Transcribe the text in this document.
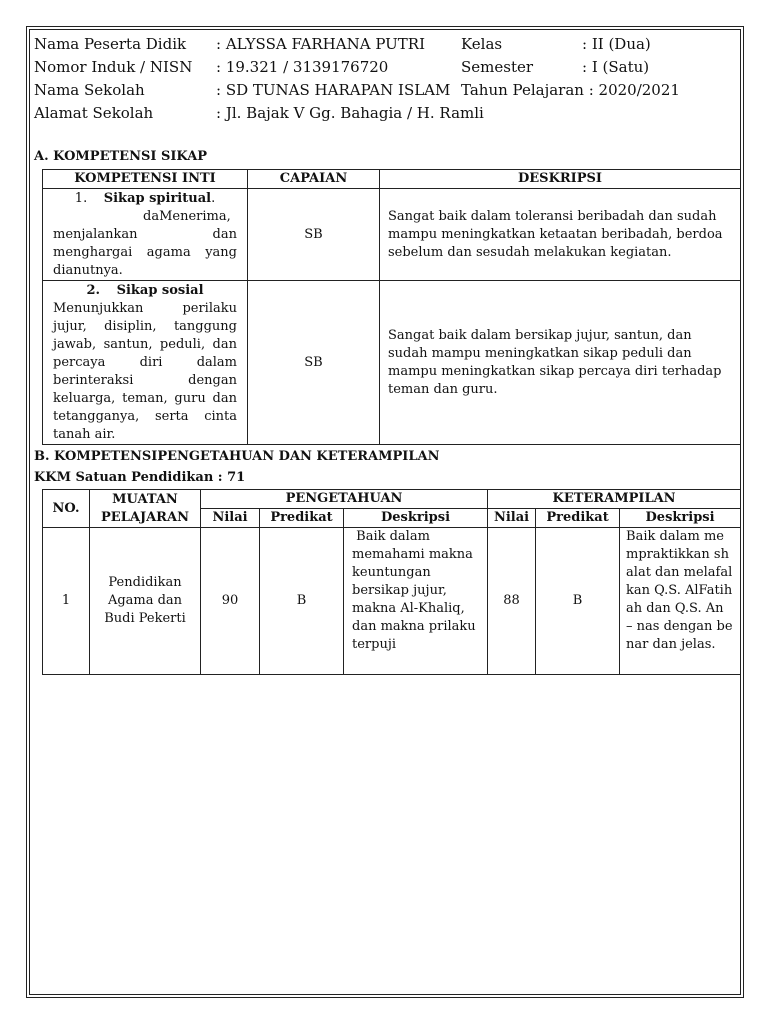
Nama Peserta Didik : ALYSSA FARHANA PUTRI Kelas	: II (Dua)
Nomor Induk / NISN : 19.321 / 3139176720	Semester	: I (Satu)
Nama Sekolah	: SD TUNAS HARAPAN ISLAM Tahun Pelajaran : 2020/2021
Alamat Sekolah	: Jl. Bajak V Gg. Bahagia / H. Ramli
A. KOMPETENSI SIKAP
KOMPETENSI INTI	CAPAIAN	DESKRIPSI

1. Sikap spiritual.
daMenerima,
menjalankan dan
menghargai agama yang
dianutnya.	SB	Sangat baik dalam toleransi beribadah dan sudah mampu meningkatkan ketaatan beribadah, berdoa sebelum dan sesudah melakukan kegiatan.

2. Sikap sosial
Menunjukkan perilaku jujur, disiplin, tanggung jawab, santun, peduli, dan percaya diri dalam berinteraksi dengan keluarga, teman, guru dan tetangganya, serta cinta tanah air.	SB	Sangat baik dalam bersikap jujur, santun, dan sudah mampu meningkatkan sikap peduli dan mampu meningkatkan sikap percaya diri terhadap teman dan guru.
B. KOMPETENSIPENGETAHUAN DAN KETERAMPILAN
KKM Satuan Pendidikan : 71
NO.	MUATAN PELAJARAN	PENGETAHUAN			KETERAMPILAN		
		Nilai	Predikat	Deskripsi	Nilai	Predikat	Deskripsi
1	Pendidikan Agama dan Budi Pekerti	90	B	Baik dalam memahami makna keuntungan bersikap jujur, makna Al-Khaliq, dan makna prilaku terpuji	88	B	Baik dalam mempraktikkan shalat dan melafalkan Q.S. AlFatihah dan Q.S. An – nas dengan benar dan jelas.
